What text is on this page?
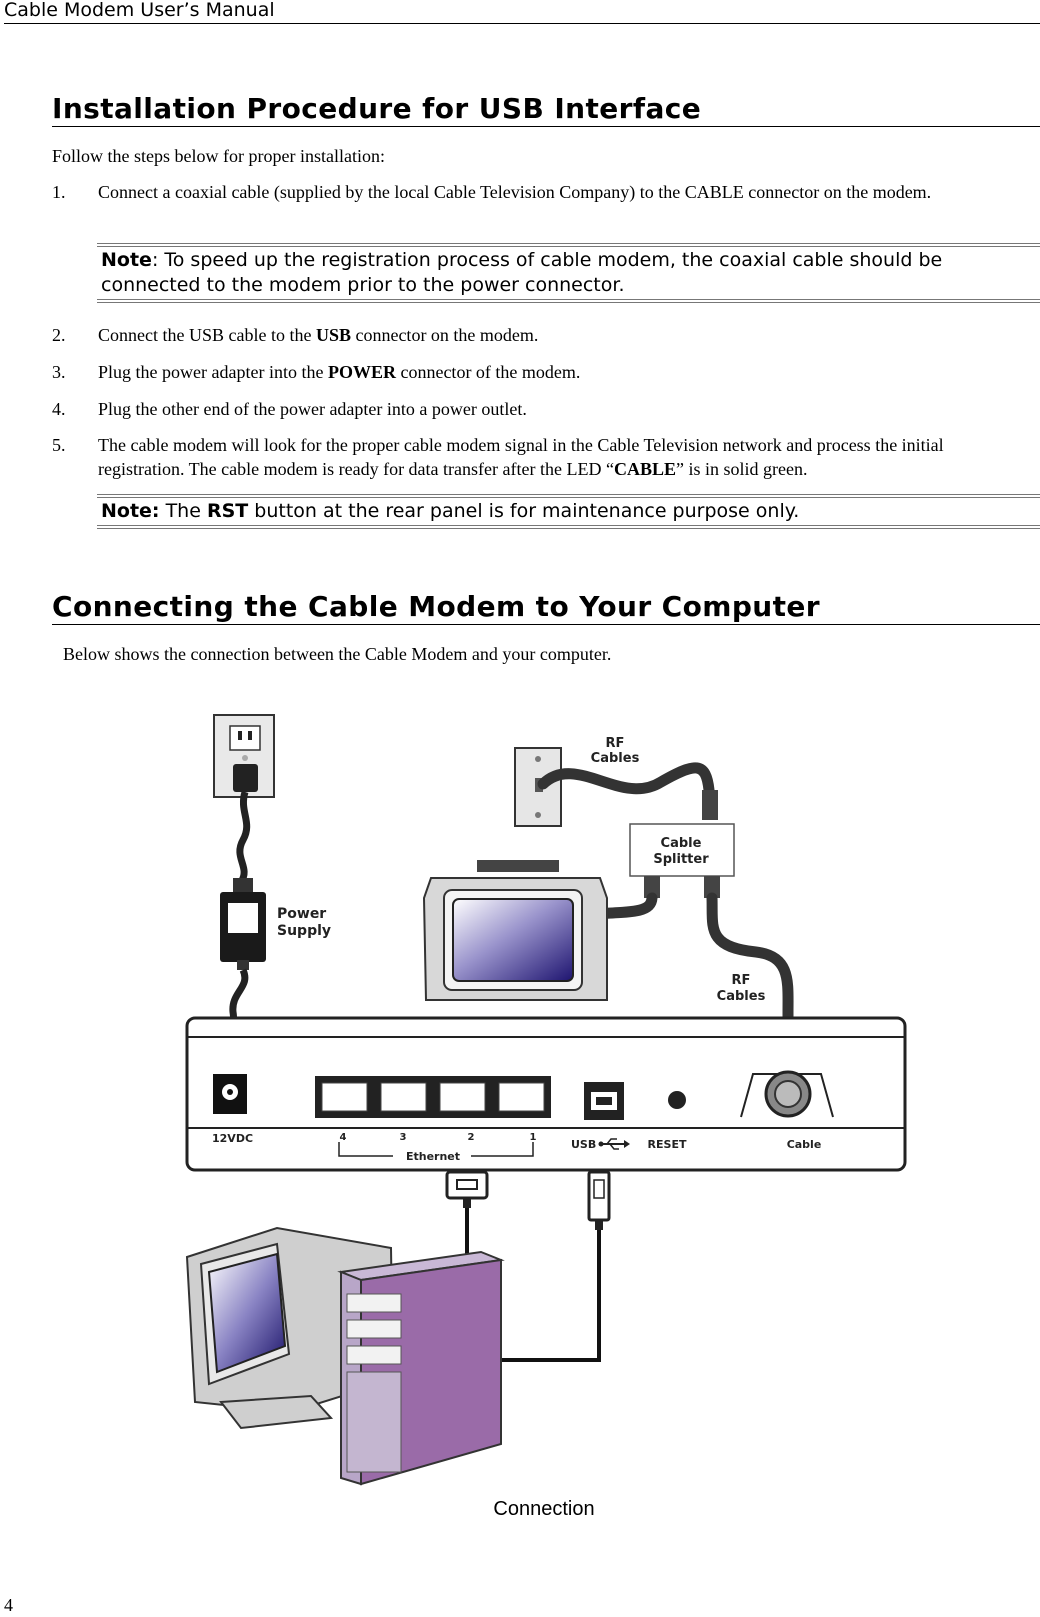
Cable Modem User’s Manual
Installation Procedure for USB Interface
Follow the steps below for proper installation:
1. Connect a coaxial cable (supplied by the local Cable Television Company) to the CABLE connector on the modem.
Note: To speed up the registration process of cable modem, the coaxial cable should be connected to the modem prior to the power connector.
2. Connect the USB cable to the USB connector on the modem.
3. Plug the power adapter into the POWER connector of the modem.
4. Plug the other end of the power adapter into a power outlet.
5. The cable modem will look for the proper cable modem signal in the Cable Television network and process the initial registration. The cable modem is ready for data transfer after the LED “CABLE” is in solid green.
Note: The RST button at the rear panel is for maintenance purpose only.
Connecting the Cable Modem to Your Computer
Below shows the connection between the Cable Modem and your computer.
Power
Supply
RF
Cables
Cable
Splitter
RF
Cables
12VDC	4	3	2	1
Ethernet
USB	RESET	Cable
Connection
4
